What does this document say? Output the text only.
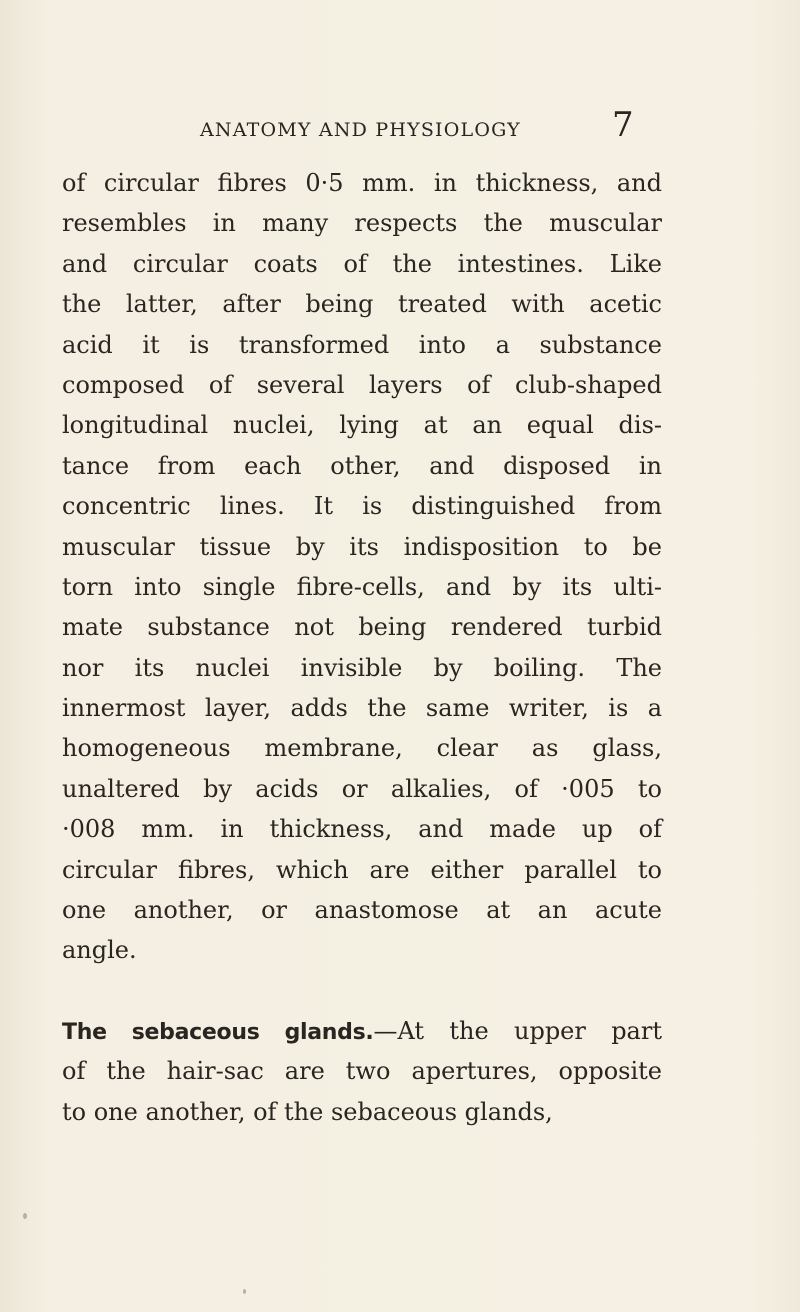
ANATOMY AND PHYSIOLOGY	7
of circular fibres 0·5 mm. in thickness, and
resembles in many respects the muscular
and circular coats of the intestines. Like
the latter, after being treated with acetic
acid it is transformed into a substance
composed of several layers of club-shaped
longitudinal nuclei, lying at an equal dis-
tance from each other, and disposed in
concentric lines. It is distinguished from
muscular tissue by its indisposition to be
torn into single fibre-cells, and by its ulti-
mate substance not being rendered turbid
nor its nuclei invisible by boiling. The
innermost layer, adds the same writer, is a
homogeneous membrane, clear as glass,
unaltered by acids or alkalies, of ·005 to
·008 mm. in thickness, and made up of
circular fibres, which are either parallel to
one another, or anastomose at an acute
angle.
The sebaceous glands.—At the upper part
of the hair-sac are two apertures, opposite
to one another, of the sebaceous glands,
